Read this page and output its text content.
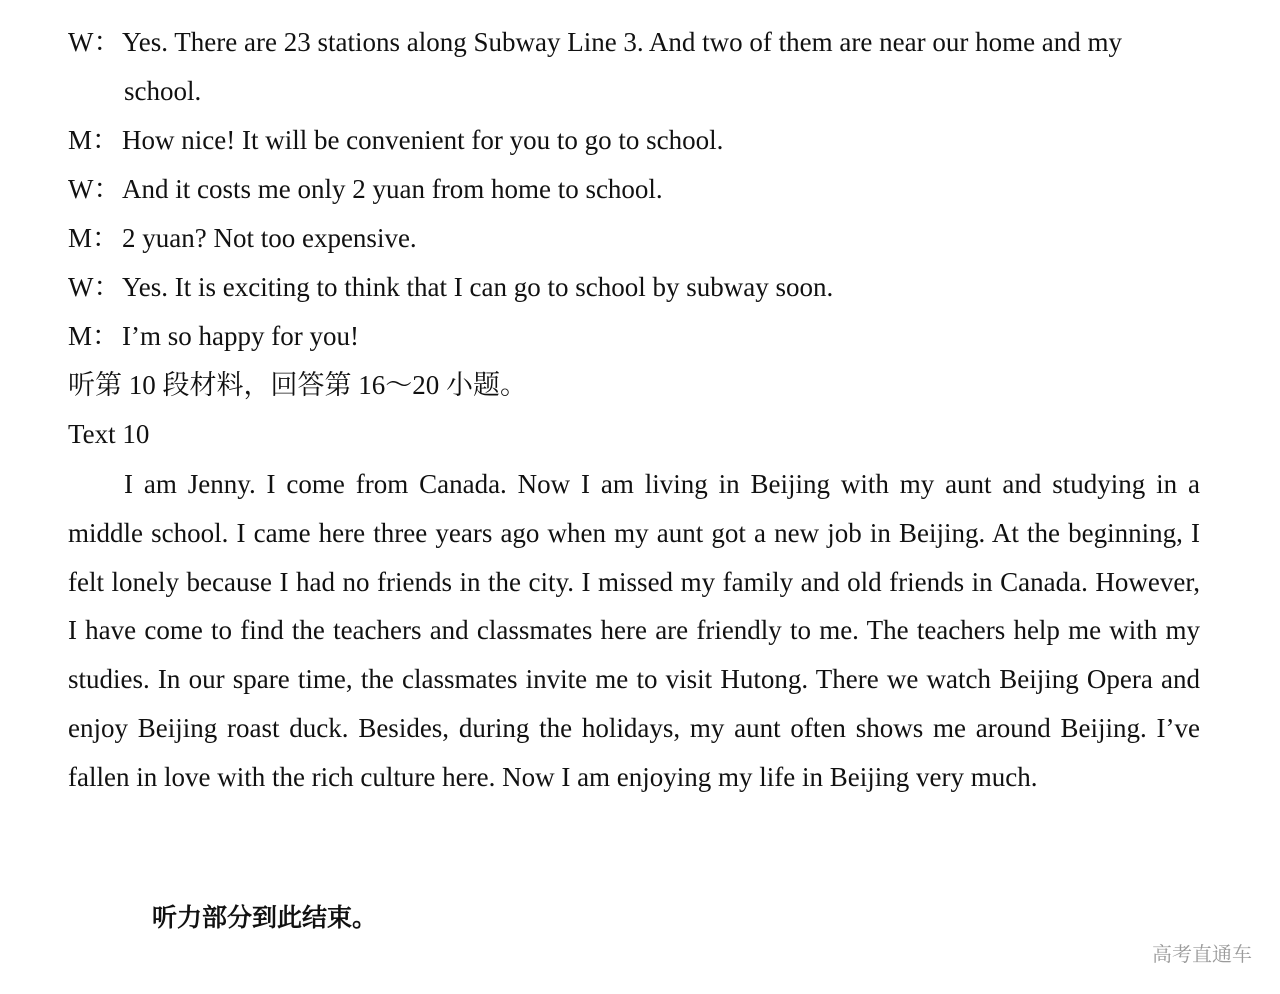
W：Yes. There are 23 stations along Subway Line 3. And two of them are near our home and my
school.
M： How nice! It will be convenient for you to go to school.
W：And it costs me only 2 yuan from home to school.
M： 2 yuan? Not too expensive.
W：Yes. It is exciting to think that I can go to school by subway soon.
M： I’m so happy for you!
听第 10 段材料，回答第 16～20 小题。
Text 10

I am Jenny. I come from Canada. Now I am living in Beijing with my aunt and studying in a middle school. I came here three years ago when my aunt got a new job in Beijing. At the beginning, I felt lonely because I had no friends in the city. I missed my family and old friends in Canada. However, I have come to find the teachers and classmates here are friendly to me. The teachers help me with my studies. In our spare time, the classmates invite me to visit Hutong. There we watch Beijing Opera and enjoy Beijing roast duck. Besides, during the holidays, my aunt often shows me around Beijing. I’ve fallen in love with the rich culture here. Now I am enjoying my life in Beijing very much.

听力部分到此结束。
高考直通车
